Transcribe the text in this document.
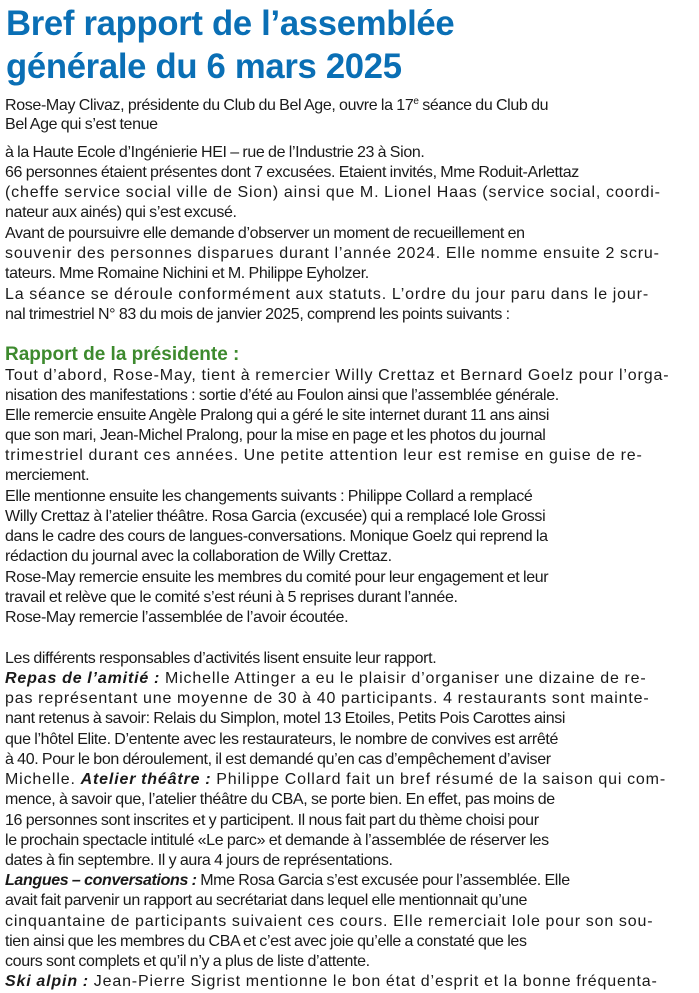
Bref rapport de l’assemblée
générale du 6 mars 2025
Rose-May Clivaz, présidente du Club du Bel Age, ouvre la 17e séance du Club du
Bel Age qui s’est tenue
à la Haute Ecole d’Ingénierie HEI – rue de l’Industrie 23 à Sion.
66 personnes étaient présentes dont 7 excusées. Etaient invités, Mme Roduit-Arlettaz
(cheffe service social ville de Sion) ainsi que M. Lionel Haas (service social, coordi-
nateur aux ainés) qui s’est excusé.
Avant de poursuivre elle demande d’observer un moment de recueillement en
souvenir des personnes disparues durant l’année 2024. Elle nomme ensuite 2 scru-
tateurs. Mme Romaine Nichini et M. Philippe Eyholzer.
La séance se déroule conformément aux statuts. L’ordre du jour paru dans le jour-
nal trimestriel N° 83 du mois de janvier 2025, comprend les points suivants :
Rapport de la présidente :
Tout d’abord, Rose-May, tient à remercier Willy Crettaz et Bernard Goelz pour l’orga-
nisation des manifestations : sortie d’été au Foulon ainsi que l’assemblée générale.
Elle remercie ensuite Angèle Pralong qui a géré le site internet durant 11 ans ainsi
que son mari, Jean-Michel Pralong, pour la mise en page et les photos du journal
trimestriel durant ces années. Une petite attention leur est remise en guise de re-
merciement.
Elle mentionne ensuite les changements suivants : Philippe Collard a remplacé
Willy Crettaz à l’atelier théâtre. Rosa Garcia (excusée) qui a remplacé Iole Grossi
dans le cadre des cours de langues-conversations. Monique Goelz qui reprend la
rédaction du journal avec la collaboration de Willy Crettaz.
Rose-May remercie ensuite les membres du comité pour leur engagement et leur
travail et relève que le comité s’est réuni à 5 reprises durant l’année.
Rose-May remercie l’assemblée de l’avoir écoutée.
Les différents responsables d’activités lisent ensuite leur rapport.
Repas de l’amitié : Michelle Attinger a eu le plaisir d’organiser une dizaine de re-
pas représentant une moyenne de 30 à 40 participants. 4 restaurants sont mainte-
nant retenus à savoir: Relais du Simplon, motel 13 Etoiles, Petits Pois Carottes ainsi
que l’hôtel Elite. D’entente avec les restaurateurs, le nombre de convives est arrêté
à 40. Pour le bon déroulement, il est demandé qu’en cas d’empêchement d’aviser
Michelle. Atelier théâtre : Philippe Collard fait un bref résumé de la saison qui com-
mence, à savoir que, l’atelier théâtre du CBA, se porte bien. En effet, pas moins de
16 personnes sont inscrites et y participent. Il nous fait part du thème choisi pour
le prochain spectacle intitulé «Le parc» et demande à l’assemblée de réserver les
dates à fin septembre. Il y aura 4 jours de représentations.
Langues – conversations : Mme Rosa Garcia s’est excusée pour l’assemblée. Elle
avait fait parvenir un rapport au secrétariat dans lequel elle mentionnait qu’une
cinquantaine de participants suivaient ces cours. Elle remerciait Iole pour son sou-
tien ainsi que les membres du CBA et c’est avec joie qu’elle a constaté que les
cours sont complets et qu’il n’y a plus de liste d’attente.
Ski alpin : Jean-Pierre Sigrist mentionne le bon état d’esprit et la bonne fréquenta-
